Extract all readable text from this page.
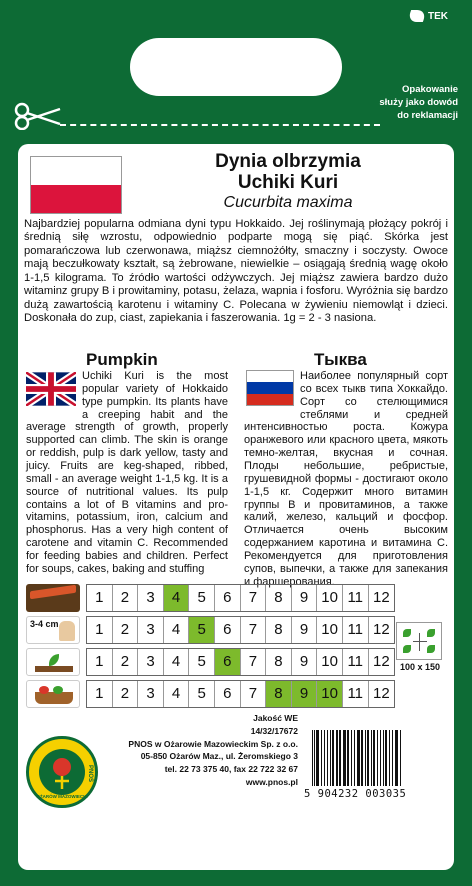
TEK
Opakowanie
służy jako dowód
do reklamacji
Dynia olbrzymia
Uchiki Kuri
Cucurbita maxima
Najbardziej popularna odmiana dyni typu Hokkaido. Jej roślinymają płożący pokrój i średnią siłę wzrostu, odpowiednio podparte mogą się piąć. Skórka jest pomarańczowa lub czerwonawa, miąższ ciemnożółty, smaczny i soczysty. Owoce mają beczułkowaty kształt, są żebrowane, niewielkie – osiągają średnią wagę około 1-1,5 kilograma. To źródło wartości odżywczych. Jej miąższ zawiera bardzo dużo witaminz grupy B i prowitaminy, potasu, żelaza, wapnia i fosforu. Wyróżnia się bardzo dużą zawartością karotenu i witaminy C. Polecana w żywieniu niemowląt i dzieci. Doskonała do zup, ciast, zapiekania i faszerowania. 1g = 2 - 3 nasiona.
Pumpkin	Тыква
Uchiki Kuri is the most popular variety of Hokkaido type pumpkin. Its plants have a creeping habit and the average strength of growth, properly supported can climb. The skin is orange or reddish, pulp is dark yellow, tasty and juicy. Fruits are keg-shaped, ribbed, small - an average weight 1-1,5 kg. It is a source of nutritional values. Its pulp contains a lot of B vitamins and pro-vitamins, potassium, iron, calcium and phosphorus. Has a very high content of carotene and vitamin C. Recommended for feeding babies and children. Perfect for soups, cakes, baking and stuffing
Наиболее популярный сорт со всех тыкв типа Хоккайдо. Сорт со стелющимися стеблями и средней интенсивностью роста. Кожура оранжевого или красного цвета, мякоть темно-желтая, вкусная и сочная. Плоды небольшие, ребристые, грушевидной формы - достигают около 1-1,5 кг. Содержит много витамин группы В и провитаминов, а также калий, железо, кальций и фосфор. Отличается очень высоким содержанием каротина и витамина С. Рекомендуется для приготовления супов, выпечки, а также для запекания и фаршерования.
1	2	3	4	5	6	7	8	9 10 11 12
3-4 cm	1	2	3	4	5	6	7	8	9 10 11 12
1	2	3	4	5	6	7	8	9 10 11 12
1	2	3	4	5	6	7	8	9 10 11 12
100 x 150
OŻARÓW MAZOWIECKI
PNOS
Jakość WE
14/32/17672
PNOS w Ożarowie Mazowieckim Sp. z o.o.
05-850 Ożarów Maz., ul. Żeromskiego 3
tel. 22 73 375 40, fax 22 722 32 67
www.pnos.pl
5 904232 003035
